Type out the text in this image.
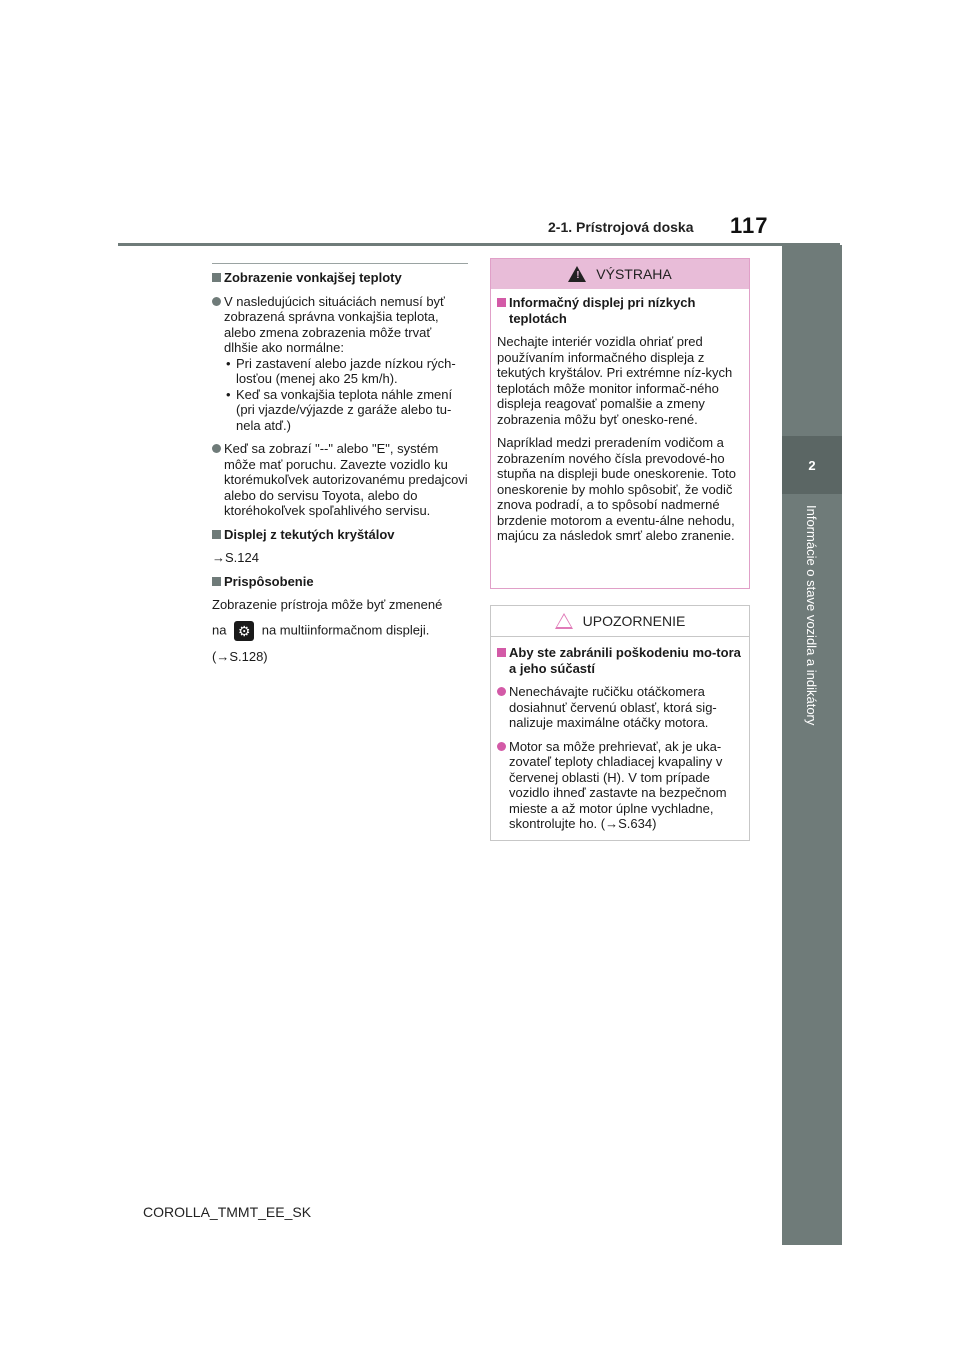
2-1. Prístrojová doska 117
2
Informácie o stave vozidla a indikátory
Zobrazenie vonkajšej teploty
V nasledujúcich situáciách nemusí byť zobrazená správna vonkajšia teplota, alebo zmena zobrazenia môže trvať dlhšie ako normálne:
• Pri zastavení alebo jazde nízkou rých-losťou (menej ako 25 km/h).
• Keď sa vonkajšia teplota náhle zmení (pri vjazde/výjazde z garáže alebo tu-nela atď.)
Keď sa zobrazí "--" alebo "E", systém môže mať poruchu. Zavezte vozidlo ku ktorémukoľvek autorizovanému predajcovi alebo do servisu Toyota, alebo do ktoréhokoľvek spoľahlivého servisu.
Displej z tekutých kryštálov
→S.124
Prispôsobenie
Zobrazenie prístroja môže byť zmenené
na ⚙ na multiinformačnom displeji.
(→S.128)
! VÝSTRAHA
Informačný displej pri nízkych teplotách
Nechajte interiér vozidla ohriať pred používaním informačného displeja z tekutých kryštálov. Pri extrémne níz-kych teplotách môže monitor informač-ného displeja reagovať pomalšie a zmeny zobrazenia môžu byť onesko-rené.
Napríklad medzi preradením vodičom a zobrazením nového čísla prevodové-ho stupňa na displeji bude oneskorenie. Toto oneskorenie by mohlo spôsobiť, že vodič znova podradí, a to spôsobí nadmerné brzdenie motorom a eventu-álne nehodu, majúcu za následok smrť alebo zranenie.
UPOZORNENIE
Aby ste zabránili poškodeniu mo-tora a jeho súčastí
Nenechávajte ručičku otáčkomera dosiahnuť červenú oblasť, ktorá sig-nalizuje maximálne otáčky motora.
Motor sa môže prehrievať, ak je uka-zovateľ teploty chladiacej kvapaliny v červenej oblasti (H). V tom prípade vozidlo ihneď zastavte na bezpečnom mieste a až motor úplne vychladne, skontrolujte ho. (→S.634)
COROLLA_TMMT_EE_SK
